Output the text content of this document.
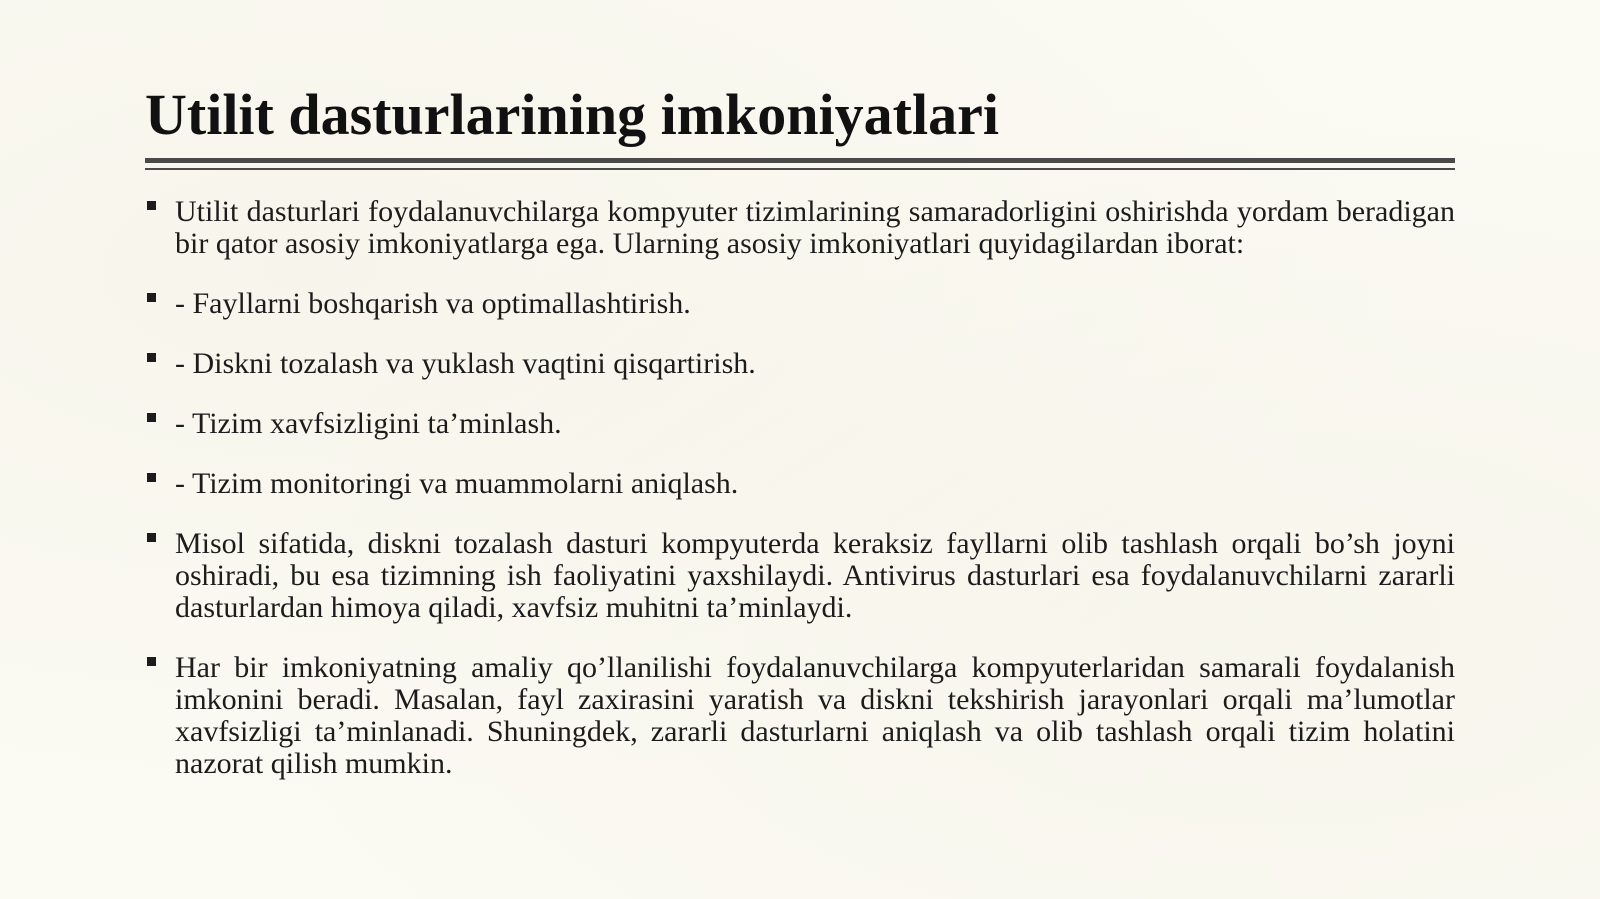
Utilit dasturlarining imkoniyatlari
Utilit dasturlari foydalanuvchilarga kompyuter tizimlarining samaradorligini oshirishda yordam beradigan bir qator asosiy imkoniyatlarga ega. Ularning asosiy imkoniyatlari quyidagilardan iborat:
- Fayllarni boshqarish va optimallashtirish.
- Diskni tozalash va yuklash vaqtini qisqartirish.
- Tizim xavfsizligini ta’minlash.
- Tizim monitoringi va muammolarni aniqlash.
Misol sifatida, diskni tozalash dasturi kompyuterda keraksiz fayllarni olib tashlash orqali bo’sh joyni oshiradi, bu esa tizimning ish faoliyatini yaxshilaydi. Antivirus dasturlari esa foydalanuvchilarni zararli dasturlardan himoya qiladi, xavfsiz muhitni ta’minlaydi.
Har bir imkoniyatning amaliy qo’llanilishi foydalanuvchilarga kompyuterlaridan samarali foydalanish imkonini beradi. Masalan, fayl zaxirasini yaratish va diskni tekshirish jarayonlari orqali ma’lumotlar xavfsizligi ta’minlanadi. Shuningdek, zararli dasturlarni aniqlash va olib tashlash orqali tizim holatini nazorat qilish mumkin.
